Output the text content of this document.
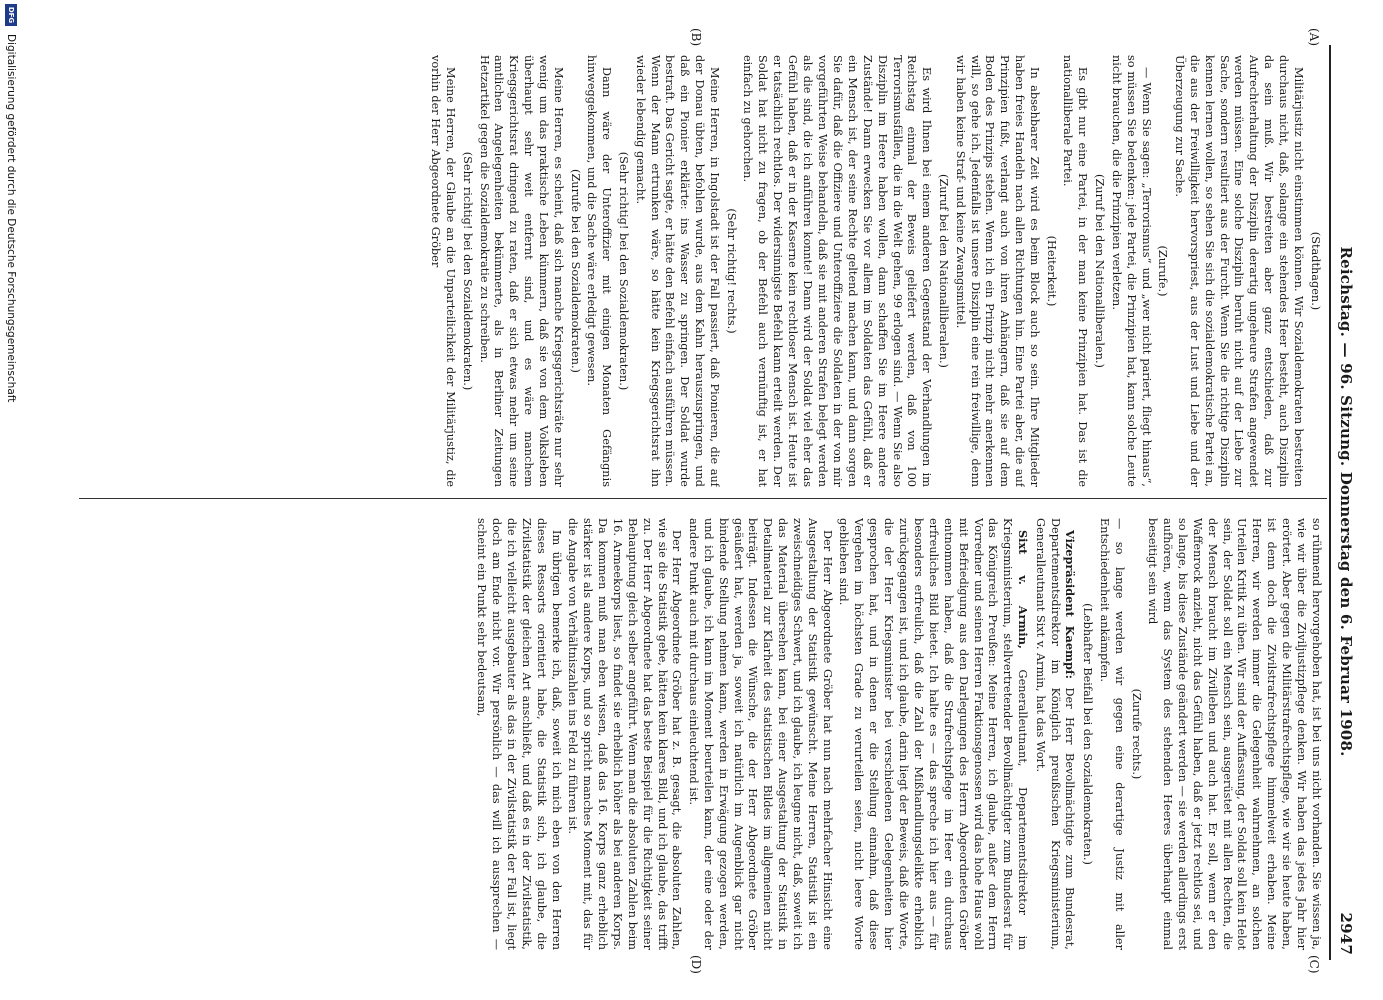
Reichstag. — 96. Sitzung. Donnerstag den 6. Februar 1908.
2947
(A)
(B)
(C)
(D)

(Stadthagen.)

Militärjustiz nicht einstimmen können. Wir Sozialdemokraten bestreiten durchaus nicht, daß, solange ein stehendes Heer besteht, auch Disziplin da sein muß. Wir bestreiten aber ganz entschieden, daß zur Aufrechterhaltung der Disziplin derartig ungeheure Strafen angewendet werden müssen. Eine solche Disziplin beruht nicht auf der Liebe zur Sache, sondern resultiert aus der Furcht. Wenn Sie die richtige Disziplin kennen lernen wollen, so sehen Sie sich die sozialdemokratische Partei an, die aus der Freiwilligkeit hervorspriest, aus der Lust und Liebe und der Überzeugung zur Sache.

(Zurufe.)

— Wenn Sie sagen: „Terrorismus“ und „wer nicht pariert, fliegt hinaus“, so müssen Sie bedenken: jede Partei, die Prinzipien hat, kann solche Leute nicht brauchen, die die Prinzipien verletzen.

(Zuruf bei den Nationalliberalen.)

Es gibt nur eine Partei, in der man keine Prinzipien hat. Das ist die nationalliberale Partei.

(Heiterkeit.)

In absehbarer Zeit wird es beim Block auch so sein. Ihre Mitglieder haben freies Handeln nach allen Richtungen hin. Eine Partei aber, die auf Prinzipien fußt, verlangt auch von ihren Anhängern, daß sie auf dem Boden des Prinzips stehen. Wenn ich ein Prinzip nicht mehr anerkennen will, so gehe ich. Jedenfalls ist unsere Disziplin eine rein freiwillige, denn wir haben keine Straf- und keine Zwangsmittel.

(Zuruf bei den Nationalliberalen.)

Es wird Ihnen bei einem anderen Gegenstand der Verhandlungen im Reichstag einmal der Beweis geliefert werden, daß von 100 Terrorismusfällen, die in die Welt gehen, 99 erlogen sind. — Wenn Sie also Disziplin im Heere haben wollen, dann schaffen Sie im Heere andere Zustände! Dann erwecken Sie vor allem im Soldaten das Gefühl, daß er ein Mensch ist, der seine Rechte geltend machen kann, und dann sorgen Sie dafür, daß die Offiziere und Unteroffiziere die Soldaten in der von mir vorgeführten Weise behandeln, daß sie mit anderen Strafen belegt werden als die sind, die ich anführen konnte! Dann wird der Soldat viel eher das Gefühl haben, daß er in der Kaserne kein rechtloser Mensch ist. Heute ist er tatsächlich rechtlos. Der widersinnigste Befehl kann erteilt werden. Der Soldat hat nicht zu fragen, ob der Befehl auch vernünftig ist, er hat einfach zu gehorchen.

(Sehr richtig! rechts.)

Meine Herren, in Ingolstadt ist der Fall passiert, daß Pionieren, die auf der Donau übten, befohlen wurde, aus dem Kahn herauszuspringen, und daß ein Pionier erklärte: ins Wasser zu springen. Der Soldat wurde bestraft. Das Gericht sagte, er hätte den Befehl einfach ausführen müssen. Wenn der Mann ertrunken wäre, so hätte kein Kriegsgerichtsrat ihn wieder lebendig gemacht.

(Sehr richtig! bei den Sozialdemokraten.)

Dann wäre der Unteroffizier mit einigen Monaten Gefängnis hinweggekommen, und die Sache wäre erledigt gewesen.

(Zurufe bei den Sozialdemokraten.)

Meine Herren, es scheint, daß sich manche Kriegsgerichtsräte nur sehr wenig um das praktische Leben kümmern, daß sie von dem Volksleben überhaupt sehr weit entfernt sind, und es wäre manchem Kriegsgerichtsrat dringend zu raten, daß er sich etwas mehr um seine amtlichen Angelegenheiten bekümmerte, als in Berliner Zeitungen Hetzartikel gegen die Sozialdemokratie zu schreiben.

(Sehr richtig! bei den Sozialdemokraten.)

Meine Herren, der Glaube an die Unparteilichkeit der Militärjustiz, die vorhin der Herr Abgeordnete Gröber

so rühmend hervorgehoben hat, ist bei uns nicht vorhanden. Sie wissen ja, wie wir über die Ziviljustizpflege denken. Wir haben das jedes Jahr hier erörtert. Aber gegen die Militärstrafrechtspflege, wie wir sie heute haben, ist denn doch die Zivilstrafrechtspflege himmelweit erhaben. Meine Herren, wir werden immer die Gelegenheit wahrnehmen, an solchen Urteilen Kritik zu üben. Wir sind der Auffassung, der Soldat soll kein Helot sein, der Soldat soll ein Mensch sein, ausgerüstet mit allen Rechten, die der Mensch braucht im Zivilleben und auch hat. Er soll, wenn er den Waffenrock anzieht, nicht das Gefühl haben, daß er jetzt rechtlos sei, und so lange, bis diese Zustände geändert werden — sie werden allerdings erst aufhören, wenn das System des stehenden Heeres überhaupt einmal beseitigt sein wird

(Zurufe rechts.)

— so lange werden wir gegen eine derartige Justiz mit aller Entschiedenheit ankämpfen.

(Lebhafter Beifall bei den Sozialdemokraten.)

Vizepräsident Kaempf: Der Herr Bevollmächtigte zum Bundesrat, Departementsdirektor im Königlich preußischen Kriegsministerium, Generalleutnant Sixt v. Armin, hat das Wort.

Sixt v. Armin, Generalleutnant, Departementsdirektor im Kriegsministerium, stellvertretender Bevollmächtigter zum Bundesrat für das Königreich Preußen: Meine Herren, ich glaube, außer dem Herrn Vorredner und seinen Herren Fraktionsgenossen wird das hohe Haus wohl mit Befriedigung aus den Darlegungen des Herrn Abgeordneten Gröber entnommen haben, daß die Strafrechtspflege im Heer ein durchaus erfreuliches Bild bietet. Ich halte es — das spreche ich hier aus — für besonders erfreulich, daß die Zahl der Mißhandlungsdelikte erheblich zurückgegangen ist, und ich glaube, darin liegt der Beweis, daß die Worte, die der Herr Kriegsminister bei verschiedenen Gelegenheiten hier gesprochen hat, und in denen er die Stellung einnahm, daß diese Vergehen im höchsten Grade zu verurteilen seien, nicht leere Worte geblieben sind.

Der Herr Abgeordnete Gröber hat nun nach mehrfacher Hinsicht eine Ausgestaltung der Statistik gewünscht. Meine Herren, Statistik ist ein zweischneidiges Schwert, und ich glaube, ich leugne nicht, daß, soweit ich das Material übersehen kann, bei einer Ausgestaltung der Statistik in Detailmaterial zur Klarheit des statistischen Bildes im allgemeinen nicht beiträgt. Indessen die Wünsche, die der Herr Abgeordnete Gröber geäußert hat, werden ja, soweit ich natürlich im Augenblick gar nicht bindende Stellung nehmen kann, werden in Erwägung gezogen werden, und ich glaube, ich kann im Moment beurteilen kann, der eine oder der andere Punkt auch mit durchaus einleuchtend ist.

Der Herr Abgeordnete Gröber hat z. B. gesagt, die absoluten Zahlen, wie sie die Statistik gebe, hätten kein klares Bild, und ich glaube, das trifft zu. Der Herr Abgeordnete hat das beste Beispiel für die Richtigkeit seiner Behauptung gleich selber angeführt. Wenn man die absoluten Zahlen beim 16. Armeekorps liest, so findet sie erheblich höher als bei anderen Korps. Da kommen muß man eben wissen, daß das 16. Korps ganz erheblich stärker ist als andere Korps, und so spricht manches Moment mit, das für die Angabe von Verhältniszahlen ins Feld zu führen ist.

Im übrigen bemerke ich, daß, soweit ich mich eben von den Herren dieses Ressorts orientiert habe, die Statistik sich, ich glaube, die Zivilstatistik der gleichen Art anschließt, und daß es in der Zivilstatistik, die ich vielleicht ausgebauter als das in der Zivilstatistik der Fall ist, liegt doch am Ende nicht vor. Wir persönlich — das will ich aussprechen — scheint ein Punkt sehr bedeutsam,

DFG
Digitalisierung gefördert durch die Deutsche Forschungsgemeinschaft
